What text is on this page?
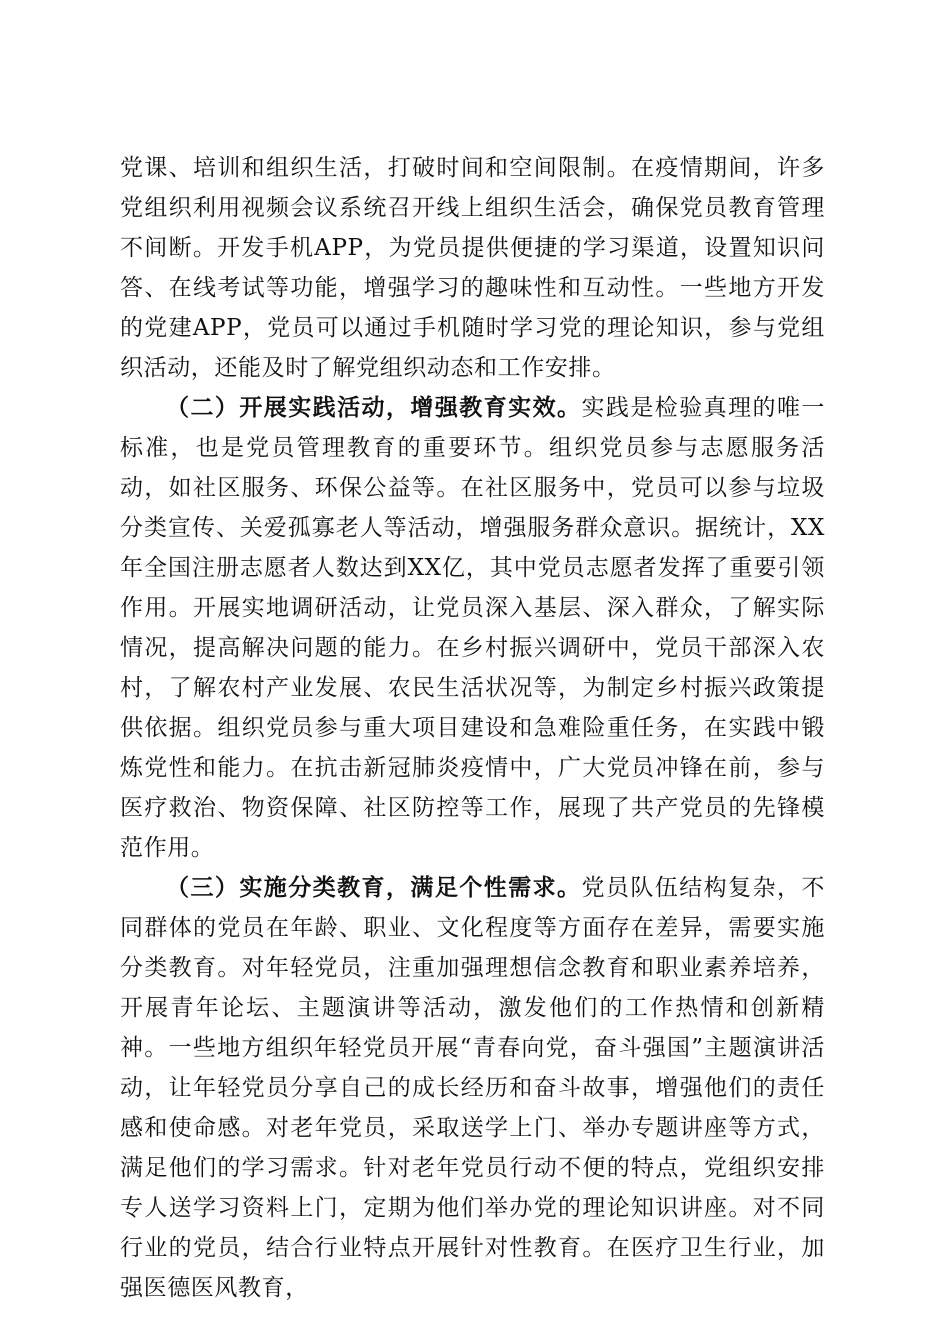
党课、培训和组织生活，打破时间和空间限制。在疫情期间，许多党组织利用视频会议系统召开线上组织生活会，确保党员教育管理不间断。开发手机APP，为党员提供便捷的学习渠道，设置知识问答、在线考试等功能，增强学习的趣味性和互动性。一些地方开发的党建APP，党员可以通过手机随时学习党的理论知识，参与党组织活动，还能及时了解党组织动态和工作安排。

（二）开展实践活动，增强教育实效。实践是检验真理的唯一标准，也是党员管理教育的重要环节。组织党员参与志愿服务活动，如社区服务、环保公益等。在社区服务中，党员可以参与垃圾分类宣传、关爱孤寡老人等活动，增强服务群众意识。据统计，XX年全国注册志愿者人数达到XX亿，其中党员志愿者发挥了重要引领作用。开展实地调研活动，让党员深入基层、深入群众，了解实际情况，提高解决问题的能力。在乡村振兴调研中，党员干部深入农村，了解农村产业发展、农民生活状况等，为制定乡村振兴政策提供依据。组织党员参与重大项目建设和急难险重任务，在实践中锻炼党性和能力。在抗击新冠肺炎疫情中，广大党员冲锋在前，参与医疗救治、物资保障、社区防控等工作，展现了共产党员的先锋模范作用。

（三）实施分类教育，满足个性需求。党员队伍结构复杂，不同群体的党员在年龄、职业、文化程度等方面存在差异，需要实施分类教育。对年轻党员，注重加强理想信念教育和职业素养培养，开展青年论坛、主题演讲等活动，激发他们的工作热情和创新精神。一些地方组织年轻党员开展“青春向党，奋斗强国”主题演讲活动，让年轻党员分享自己的成长经历和奋斗故事，增强他们的责任感和使命感。对老年党员，采取送学上门、举办专题讲座等方式，满足他们的学习需求。针对老年党员行动不便的特点，党组织安排专人送学习资料上门，定期为他们举办党的理论知识讲座。对不同行业的党员，结合行业特点开展针对性教育。在医疗卫生行业，加强医德医风教育，
